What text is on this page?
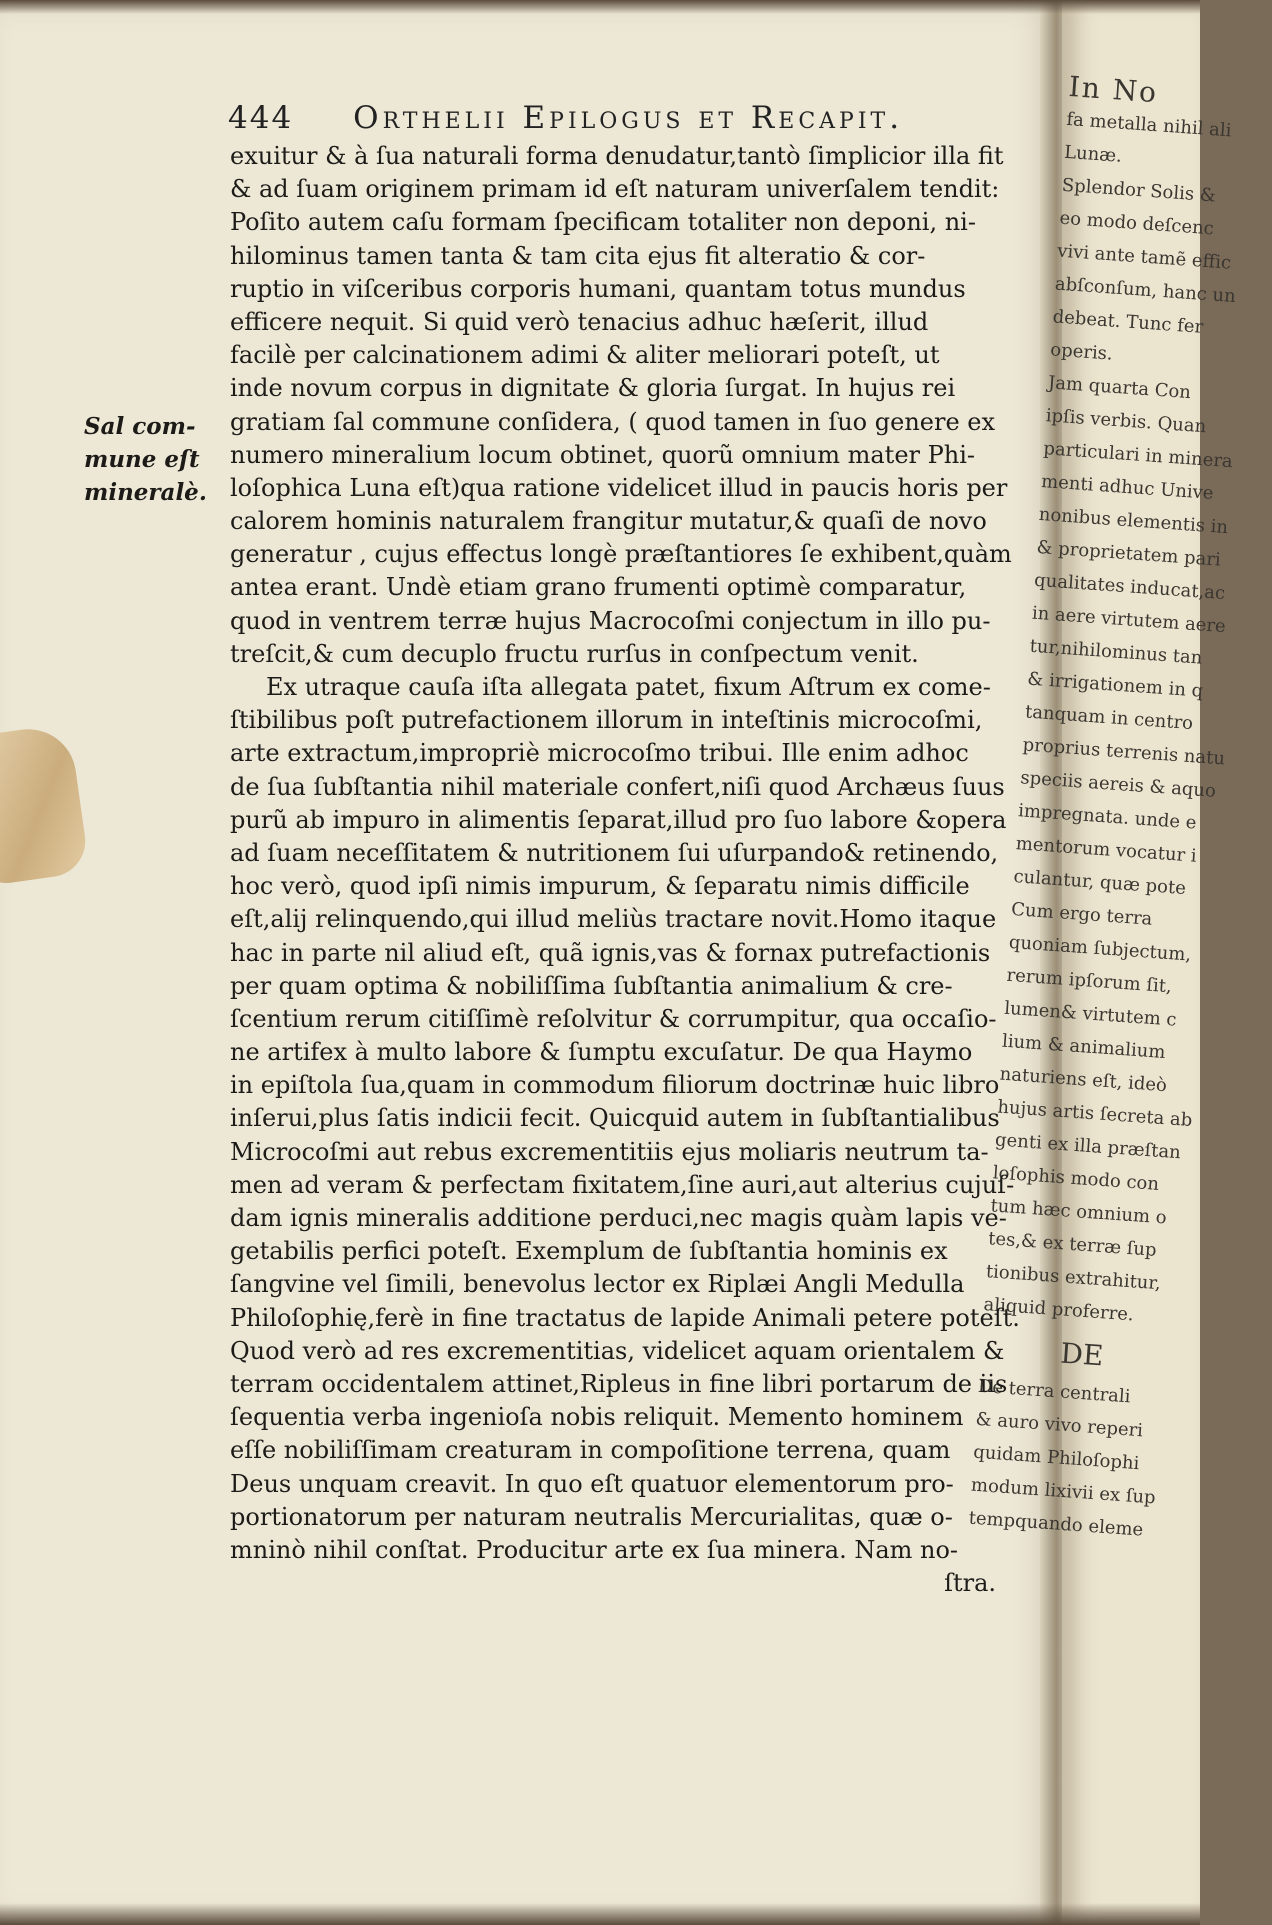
In No
fa metalla nihil ali
Lunæ.
Splendor Solis &
eo modo deſcenc
vivi ante tamẽ effic
abſconſum, hanc un
debeat. Tunc fer
operis.
Jam quarta Con
ipſis verbis. Quan
particulari in minera
menti adhuc Unive
nonibus elementis in
& proprietatem pari
qualitates inducat,ac
in aere virtutem aere
tur,nihilominus tan
& irrigationem in q
tanquam in centro
proprius terrenis natu
speciis aereis & aquo
impregnata. unde e
mentorum vocatur i
culantur, quæ pote
Cum ergo terra
quoniam ſubjectum,
rerum ipſorum ſit,
lumen& virtutem c
lium & animalium
naturiens eſt, ideò
hujus artis ſecreta ab
genti ex illa præſtan
loſophis modo con
tum hæc omnium o
tes,& ex terræ ſup
tionibus extrahitur,
aliquid proferre.
DE
De terra centrali
& auro vivo reperi
quidam Philoſophi
modum lixivii ex ſup
tempquando eleme
444 Orthelii Epilogus et Recapit.
Sal com-
mune eſt
mineralè.
exuitur & à ſua naturali forma denudatur,tantò ſimplicior illa fit
& ad ſuam originem primam id eſt naturam univerſalem tendit:
Poſito autem caſu formam ſpecificam totaliter non deponi, ni-
hilominus tamen tanta & tam cita ejus fit alteratio & cor-
ruptio in viſceribus corporis humani, quantam totus mundus
efficere nequit. Si quid verò tenacius adhuc hæſerit, illud
facilè per calcinationem adimi & aliter meliorari poteſt, ut
inde novum corpus in dignitate & gloria ſurgat. In hujus rei
gratiam ſal commune conſidera, ( quod tamen in ſuo genere ex
numero mineralium locum obtinet, quorũ omnium mater Phi-
loſophica Luna eſt)qua ratione videlicet illud in paucis horis per
calorem hominis naturalem frangitur mutatur,& quaſi de novo
generatur , cujus effectus longè præſtantiores ſe exhibent,quàm
antea erant. Undè etiam grano frumenti optimè comparatur,
quod in ventrem terræ hujus Macrocoſmi conjectum in illo pu-
treſcit,& cum decuplo fructu rurſus in conſpectum venit.
Ex utraque cauſa iſta allegata patet, fixum Aſtrum ex come-
ſtibilibus poſt putrefactionem illorum in inteſtinis microcoſmi,
arte extractum,impropriè microcoſmo tribui. Ille enim adhoc
de ſua ſubſtantia nihil materiale confert,niſi quod Archæus ſuus
purũ ab impuro in alimentis ſeparat,illud pro ſuo labore &opera
ad ſuam neceſſitatem & nutritionem ſui uſurpando& retinendo,
hoc verò, quod ipſi nimis impurum, & ſeparatu nimis difficile
eſt,alij relinquendo,qui illud meliùs tractare novit.Homo itaque
hac in parte nil aliud eſt, quã ignis,vas & fornax putrefactionis
per quam optima & nobiliſſima ſubſtantia animalium & cre-
ſcentium rerum citiſſimè reſolvitur & corrumpitur, qua occaſio-
ne artifex à multo labore & ſumptu excuſatur. De qua Haymo
in epiſtola ſua,quam in commodum filiorum doctrinæ huic libro
inſerui,plus ſatis indicii fecit. Quicquid autem in ſubſtantialibus
Microcoſmi aut rebus excrementitiis ejus moliaris neutrum ta-
men ad veram & perfectam fixitatem,ſine auri,aut alterius cujuſ-
dam ignis mineralis additione perduci,nec magis quàm lapis ve-
getabilis perfici poteſt. Exemplum de ſubſtantia hominis ex
ſangvine vel ſimili, benevolus lector ex Riplæi Angli Medulla
Philoſophię,ferè in fine tractatus de lapide Animali petere poteſt.
Quod verò ad res excrementitias, videlicet aquam orientalem &
terram occidentalem attinet,Ripleus in fine libri portarum de iis
ſequentia verba ingenioſa nobis reliquit. Memento hominem
eſſe nobiliſſimam creaturam in compoſitione terrena, quam
Deus unquam creavit. In quo eſt quatuor elementorum pro-
portionatorum per naturam neutralis Mercurialitas, quæ o-
mninò nihil conſtat. Producitur arte ex ſua minera. Nam no-
ſtra.
